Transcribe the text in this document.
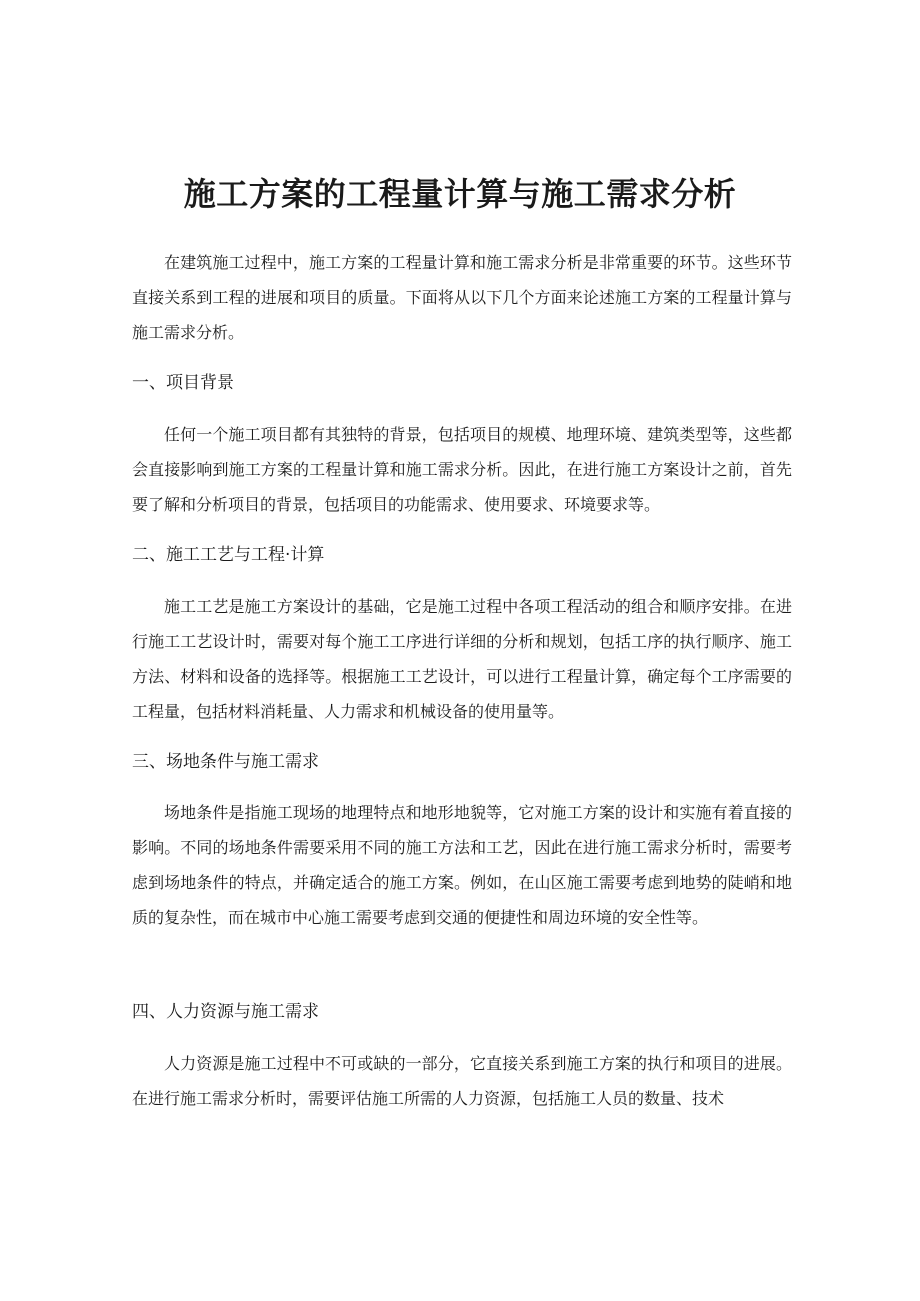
施工方案的工程量计算与施工需求分析

在建筑施工过程中，施工方案的工程量计算和施工需求分析是非常重要的环节。这些环节直接关系到工程的进展和项目的质量。下面将从以下几个方面来论述施工方案的工程量计算与施工需求分析。

一、项目背景

任何一个施工项目都有其独特的背景，包括项目的规模、地理环境、建筑类型等，这些都会直接影响到施工方案的工程量计算和施工需求分析。因此，在进行施工方案设计之前，首先要了解和分析项目的背景，包括项目的功能需求、使用要求、环境要求等。

二、施工工艺与工程·计算

施工工艺是施工方案设计的基础，它是施工过程中各项工程活动的组合和顺序安排。在进行施工工艺设计时，需要对每个施工工序进行详细的分析和规划，包括工序的执行顺序、施工方法、材料和设备的选择等。根据施工工艺设计，可以进行工程量计算，确定每个工序需要的工程量，包括材料消耗量、人力需求和机械设备的使用量等。

三、场地条件与施工需求

场地条件是指施工现场的地理特点和地形地貌等，它对施工方案的设计和实施有着直接的影响。不同的场地条件需要采用不同的施工方法和工艺，因此在进行施工需求分析时，需要考虑到场地条件的特点，并确定适合的施工方案。例如，在山区施工需要考虑到地势的陡峭和地质的复杂性，而在城市中心施工需要考虑到交通的便捷性和周边环境的安全性等。

四、人力资源与施工需求

人力资源是施工过程中不可或缺的一部分，它直接关系到施工方案的执行和项目的进展。在进行施工需求分析时，需要评估施工所需的人力资源，包括施工人员的数量、技术
